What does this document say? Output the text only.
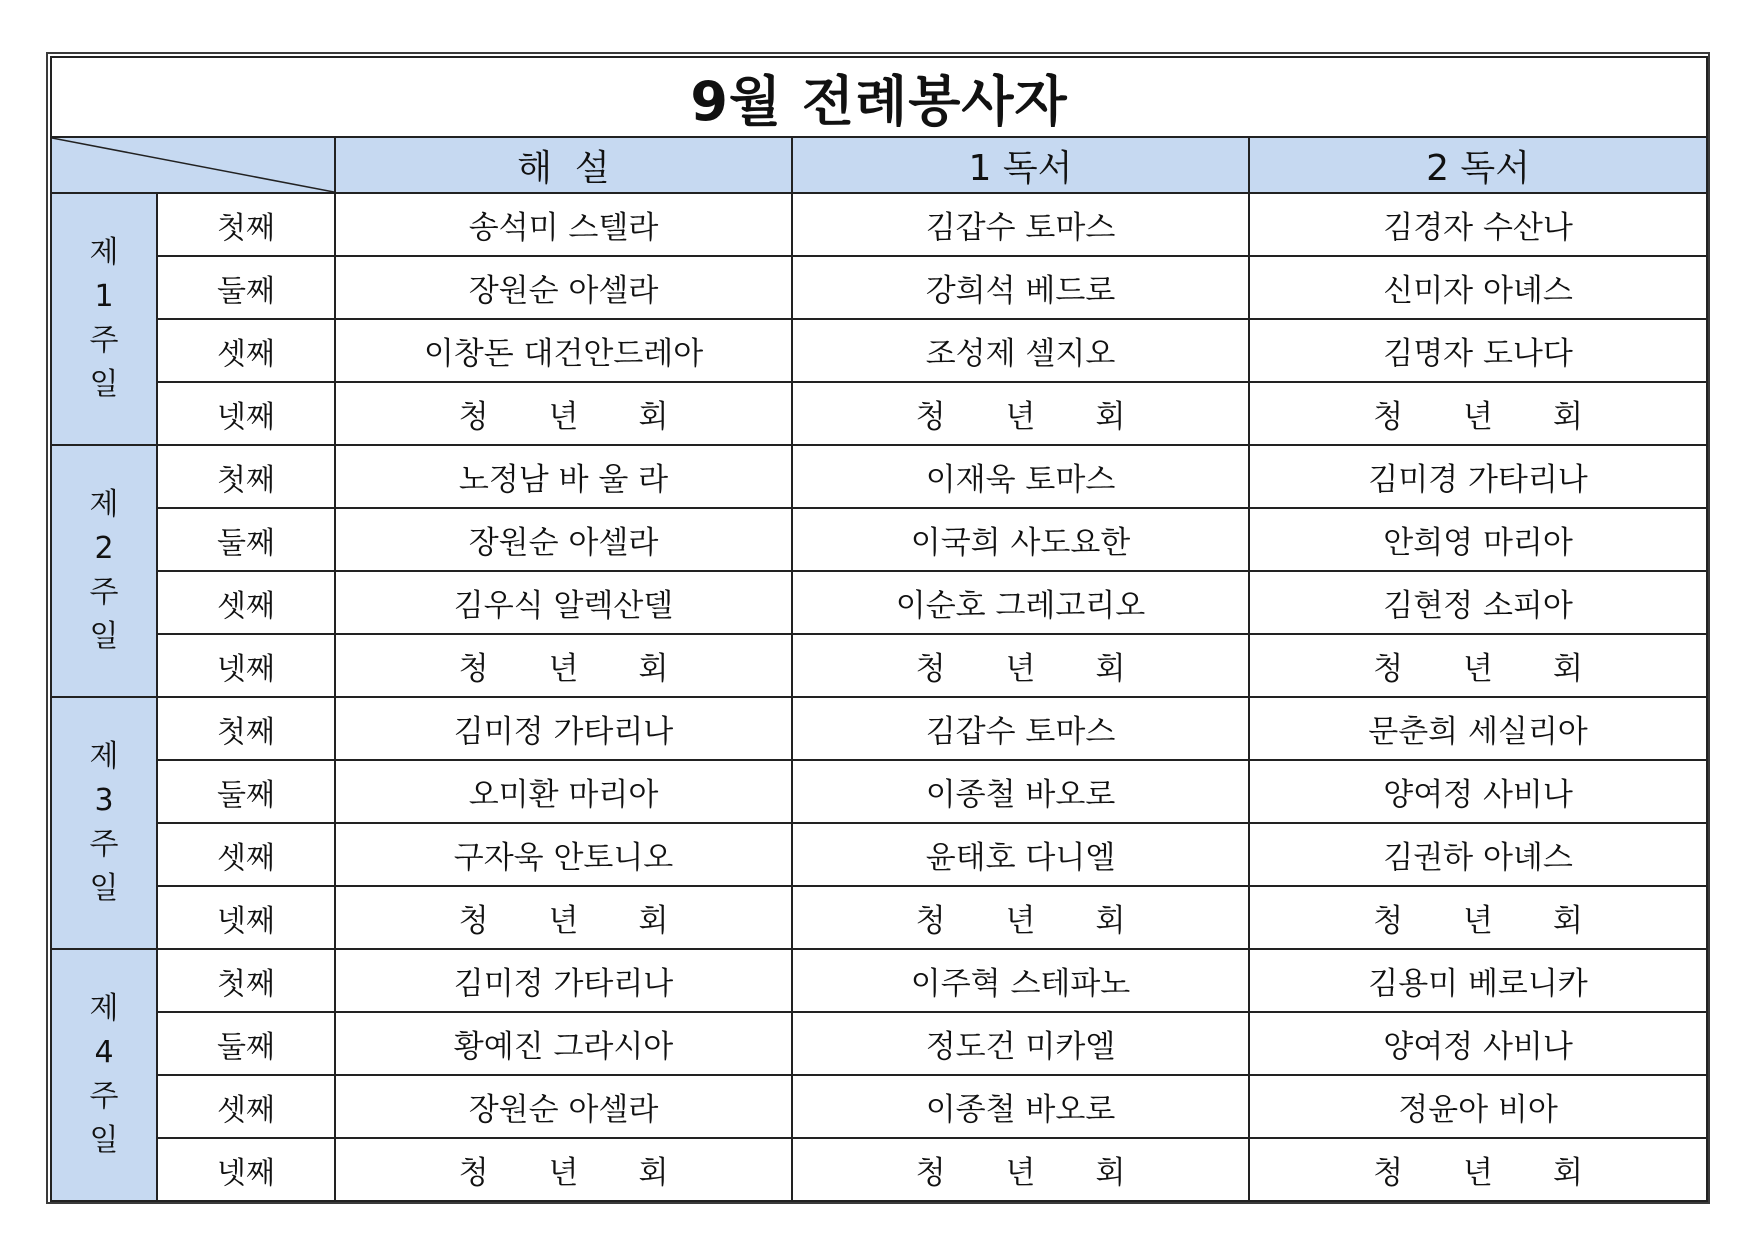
9월 전례봉사자				

	해  설	1 독서	2 독서

제
1
주
일	첫째	송석미 스텔라	김갑수 토마스	김경자 수산나
	둘째	장원순 아셀라	강희석 베드로	신미자 아녜스
	셋째	이창돈 대건안드레아	조성제 셀지오	김명자 도나다
	넷째	청 년 회	청 년 회	청 년 회

제
2
주
일	첫째	노정남 바 울 라	이재욱 토마스	김미경 가타리나
	둘째	장원순 아셀라	이국희 사도요한	안희영 마리아
	셋째	김우식 알렉산델	이순호 그레고리오	김현정 소피아
	넷째	청 년 회	청 년 회	청 년 회

제
3
주
일	첫째	김미정 가타리나	김갑수 토마스	문춘희 세실리아
	둘째	오미환 마리아	이종철 바오로	양여정 사비나
	셋째	구자욱 안토니오	윤태호 다니엘	김권하 아녜스
	넷째	청 년 회	청 년 회	청 년 회

제
4
주
일	첫째	김미정 가타리나	이주혁 스테파노	김용미 베로니카
	둘째	황예진 그라시아	정도건 미카엘	양여정 사비나
	셋째	장원순 아셀라	이종철 바오로	정윤아 비아
	넷째	청 년 회	청 년 회	청 년 회
